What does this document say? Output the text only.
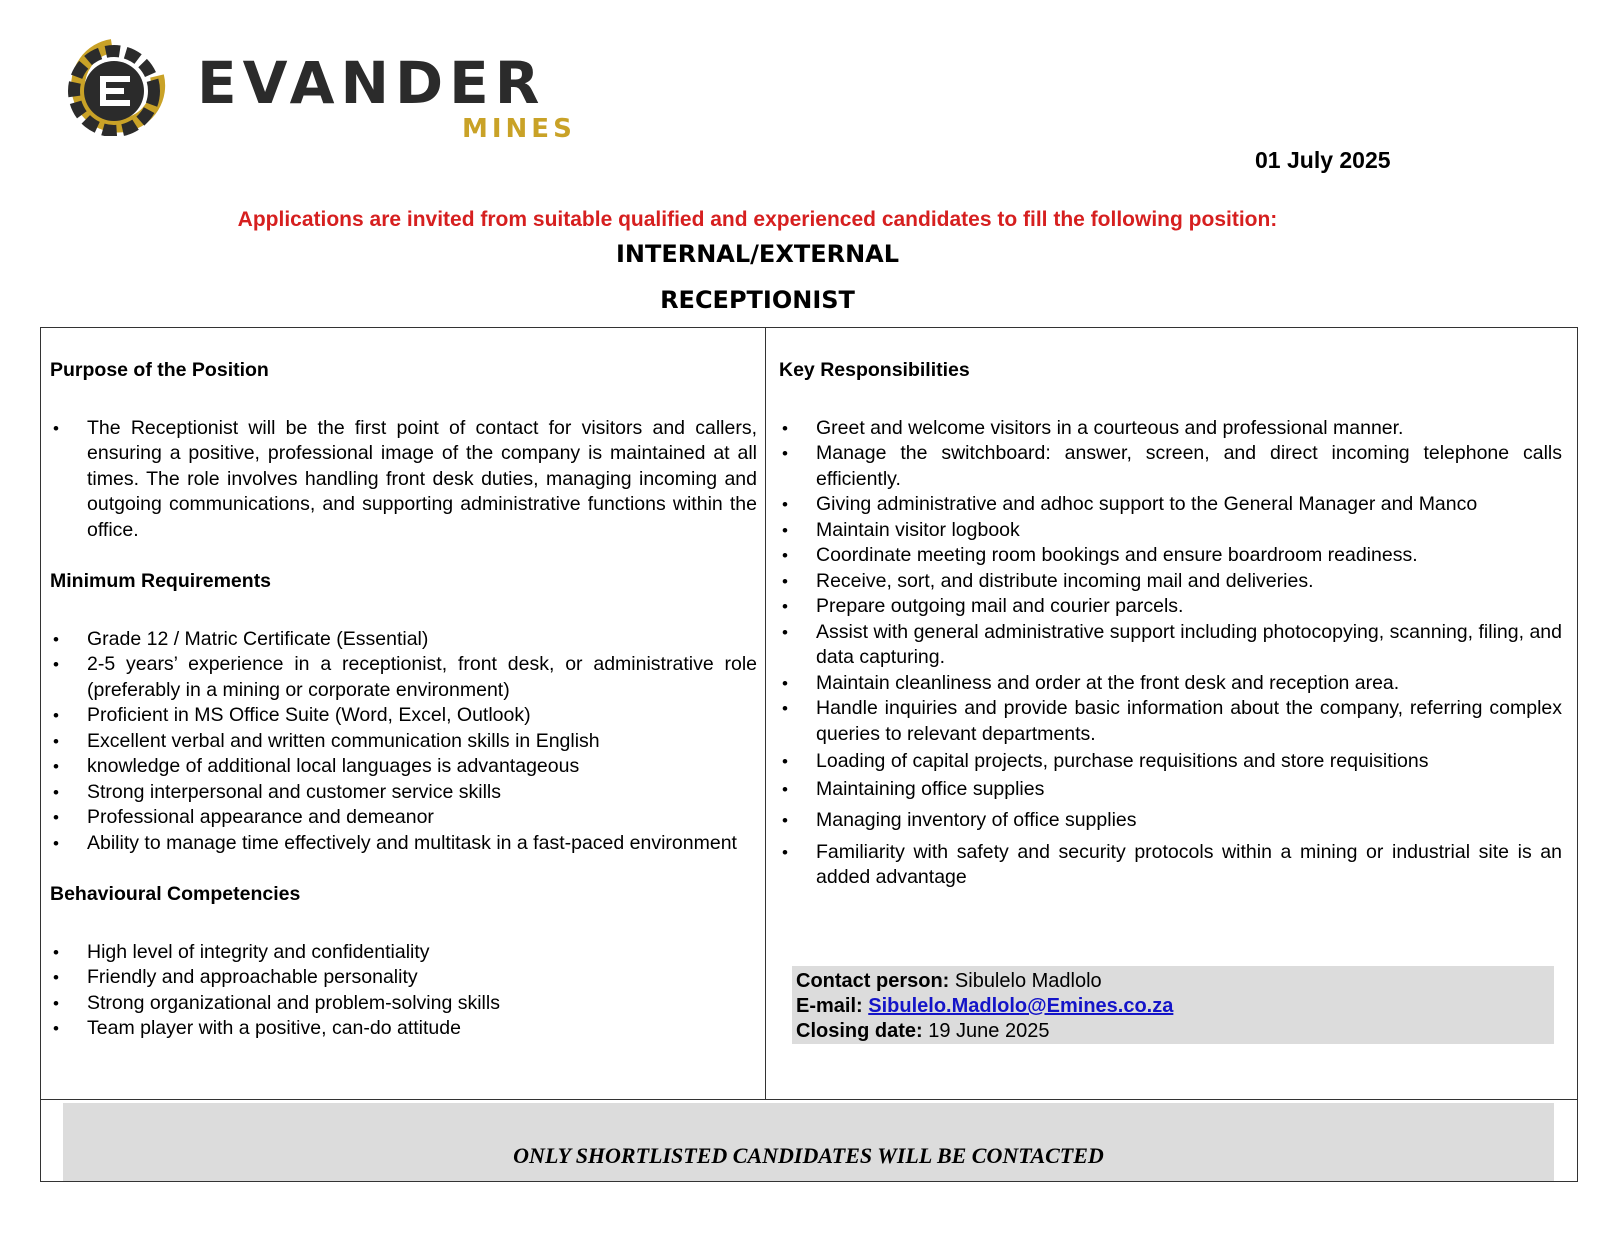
EVANDER
MINES
01 July 2025
Applications are invited from suitable qualified and experienced candidates to fill the following position:
INTERNAL/EXTERNAL
RECEPTIONIST
Purpose of the Position
• The Receptionist will be the first point of contact for visitors and callers, ensuring a positive, professional image of the company is maintained at all times. The role involves handling front desk duties, managing incoming and outgoing communications, and supporting administrative functions within the office.
Minimum Requirements
• Grade 12 / Matric Certificate (Essential)
• 2-5 years’ experience in a receptionist, front desk, or administrative role (preferably in a mining or corporate environment)
• Proficient in MS Office Suite (Word, Excel, Outlook)
• Excellent verbal and written communication skills in English
• knowledge of additional local languages is advantageous
• Strong interpersonal and customer service skills
• Professional appearance and demeanor
• Ability to manage time effectively and multitask in a fast-paced environment
Behavioural Competencies
• High level of integrity and confidentiality
• Friendly and approachable personality
• Strong organizational and problem-solving skills
• Team player with a positive, can-do attitude
Key Responsibilities
• Greet and welcome visitors in a courteous and professional manner.
• Manage the switchboard: answer, screen, and direct incoming telephone calls efficiently.
• Giving administrative and adhoc support to the General Manager and Manco
• Maintain visitor logbook
• Coordinate meeting room bookings and ensure boardroom readiness.
• Receive, sort, and distribute incoming mail and deliveries.
• Prepare outgoing mail and courier parcels.
• Assist with general administrative support including photocopying, scanning, filing, and data capturing.
• Maintain cleanliness and order at the front desk and reception area.
• Handle inquiries and provide basic information about the company, referring complex queries to relevant departments.
• Loading of capital projects, purchase requisitions and store requisitions
• Maintaining office supplies
• Managing inventory of office supplies
• Familiarity with safety and security protocols within a mining or industrial site is an added advantage
Contact person: Sibulelo Madlolo
E-mail: Sibulelo.Madlolo@Emines.co.za
Closing date: 19 June 2025
ONLY SHORTLISTED CANDIDATES WILL BE CONTACTED
